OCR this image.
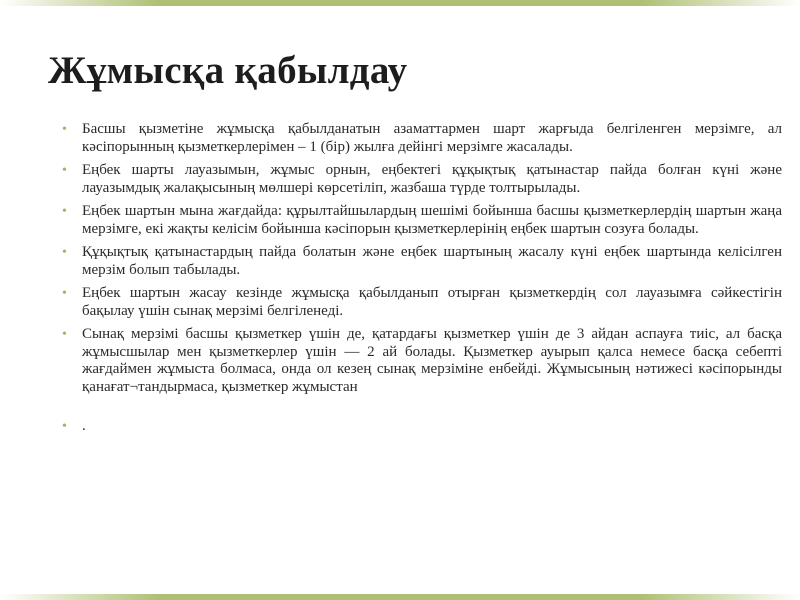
Жұмысқа қабылдау
• Басшы қызметіне жұмысқа қабылданатын азаматтармен шарт жарғыда белгіленген мерзімге, ал кәсіпорынның қызметкерлерімен – 1 (бір) жылға дейінгі мерзімге жасалады.
• Еңбек шарты лауазымын, жұмыс орнын, еңбектегі құқықтық қатынастар пайда болған күні және лауазымдық жалақысының мөлшері көрсетіліп, жазбаша түрде толтырылады.
• Еңбек шартын мына жағдайда: құрылтайшылардың шешімі бойынша басшы қызметкерлердің шартын жаңа мерзімге, екі жақты келісім бойынша кәсіпорын қызметкерлерінің еңбек шартын созуға болады.
• Құқықтық қатынастардың пайда болатын және еңбек шартының жасалу күні еңбек шартында келісілген мерзім болып табылады.
• Еңбек шартын жасау кезінде жұмысқа қабылданып отырған қызметкердің сол лауазымға сәйкестігін бақылау үшін сынақ мерзімі белгіленеді.
• Сынақ мерзімі басшы қызметкер үшін де, қатардағы қызметкер үшін де 3 айдан аспауға тиіс, ал басқа жұмысшылар мен қызметкерлер үшін — 2 ай болады. Қызметкер ауырып қалса немесе басқа себепті жағдаймен жұмыста болмаса, онда ол кезең сынақ мерзіміне енбейді. Жұмысының нәтижесі кәсіпорынды қанағат¬тандырмаса, қызметкер жұмыстан
• .
